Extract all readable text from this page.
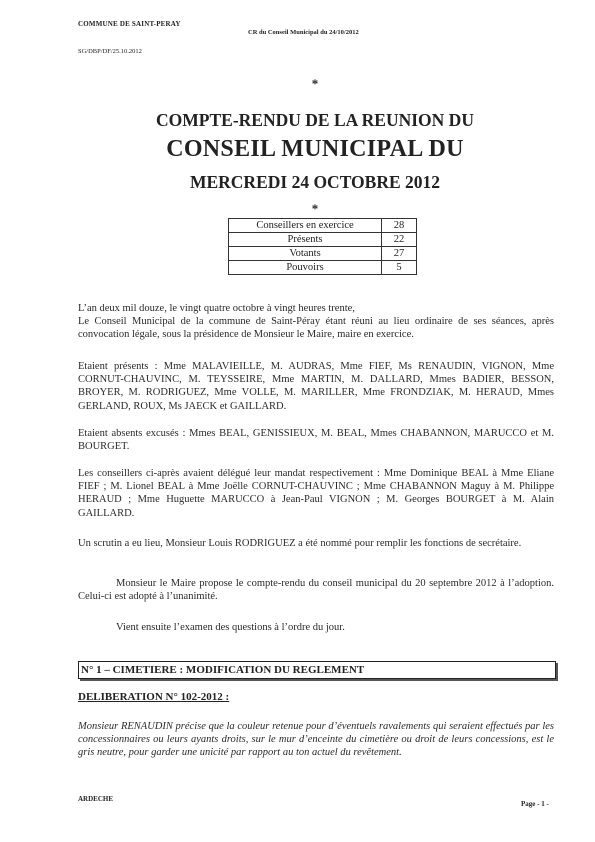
COMMUNE DE SAINT-PERAY
CR du Conseil Municipal du 24/10/2012
SG/DBP/DF/25.10.2012
*
COMPTE-RENDU DE LA REUNION DU
CONSEIL MUNICIPAL DU
MERCREDI 24 OCTOBRE 2012
*
Conseillers en exercice	28
Présents	22
Votants	27
Pouvoirs	5

L’an deux mil douze, le vingt quatre octobre à vingt heures trente,

Le Conseil Municipal de la commune de Saint-Péray étant réuni au lieu ordinaire de ses séances, après convocation légale, sous la présidence de Monsieur le Maire, maire en exercice.

Etaient présents : Mme MALAVIEILLE, M. AUDRAS, Mme FIEF, Ms RENAUDIN, VIGNON, Mme CORNUT-CHAUVINC, M. TEYSSEIRE, Mme MARTIN, M. DALLARD, Mmes BADIER, BESSON, BROYER, M. RODRIGUEZ, Mme VOLLE, M. MARILLER, Mme FRONDZIAK, M. HERAUD, Mmes GERLAND, ROUX, Ms JAECK et GAILLARD.

Etaient absents excusés : Mmes BEAL, GENISSIEUX, M. BEAL, Mmes CHABANNON, MARUCCO et M. BOURGET.

Les conseillers ci-après avaient délégué leur mandat respectivement : Mme Dominique BEAL à Mme Eliane FIEF ; M. Lionel BEAL à Mme Joëlle CORNUT-CHAUVINC ; Mme CHABANNON Maguy à M. Philippe HERAUD ; Mme Huguette MARUCCO à Jean-Paul VIGNON ; M. Georges BOURGET à M. Alain GAILLARD.

Un scrutin a eu lieu, Monsieur Louis RODRIGUEZ a été nommé pour remplir les fonctions de secrétaire.

Monsieur le Maire propose le compte-rendu du conseil municipal du 20 septembre 2012 à l’adoption. Celui-ci est adopté à l’unanimité.

Vient ensuite l’examen des questions à l’ordre du jour.

N° 1 – CIMETIERE : MODIFICATION DU REGLEMENT
DELIBERATION N° 102-2012 :

Monsieur RENAUDIN précise que la couleur retenue pour d’éventuels ravalements qui seraient effectués par les concessionnaires ou leurs ayants droits, sur le mur d’enceinte du cimetière ou droit de leurs concessions, est le gris neutre, pour garder une unicité par rapport au ton actuel du revêtement.

ARDECHE
Page - 1 -
